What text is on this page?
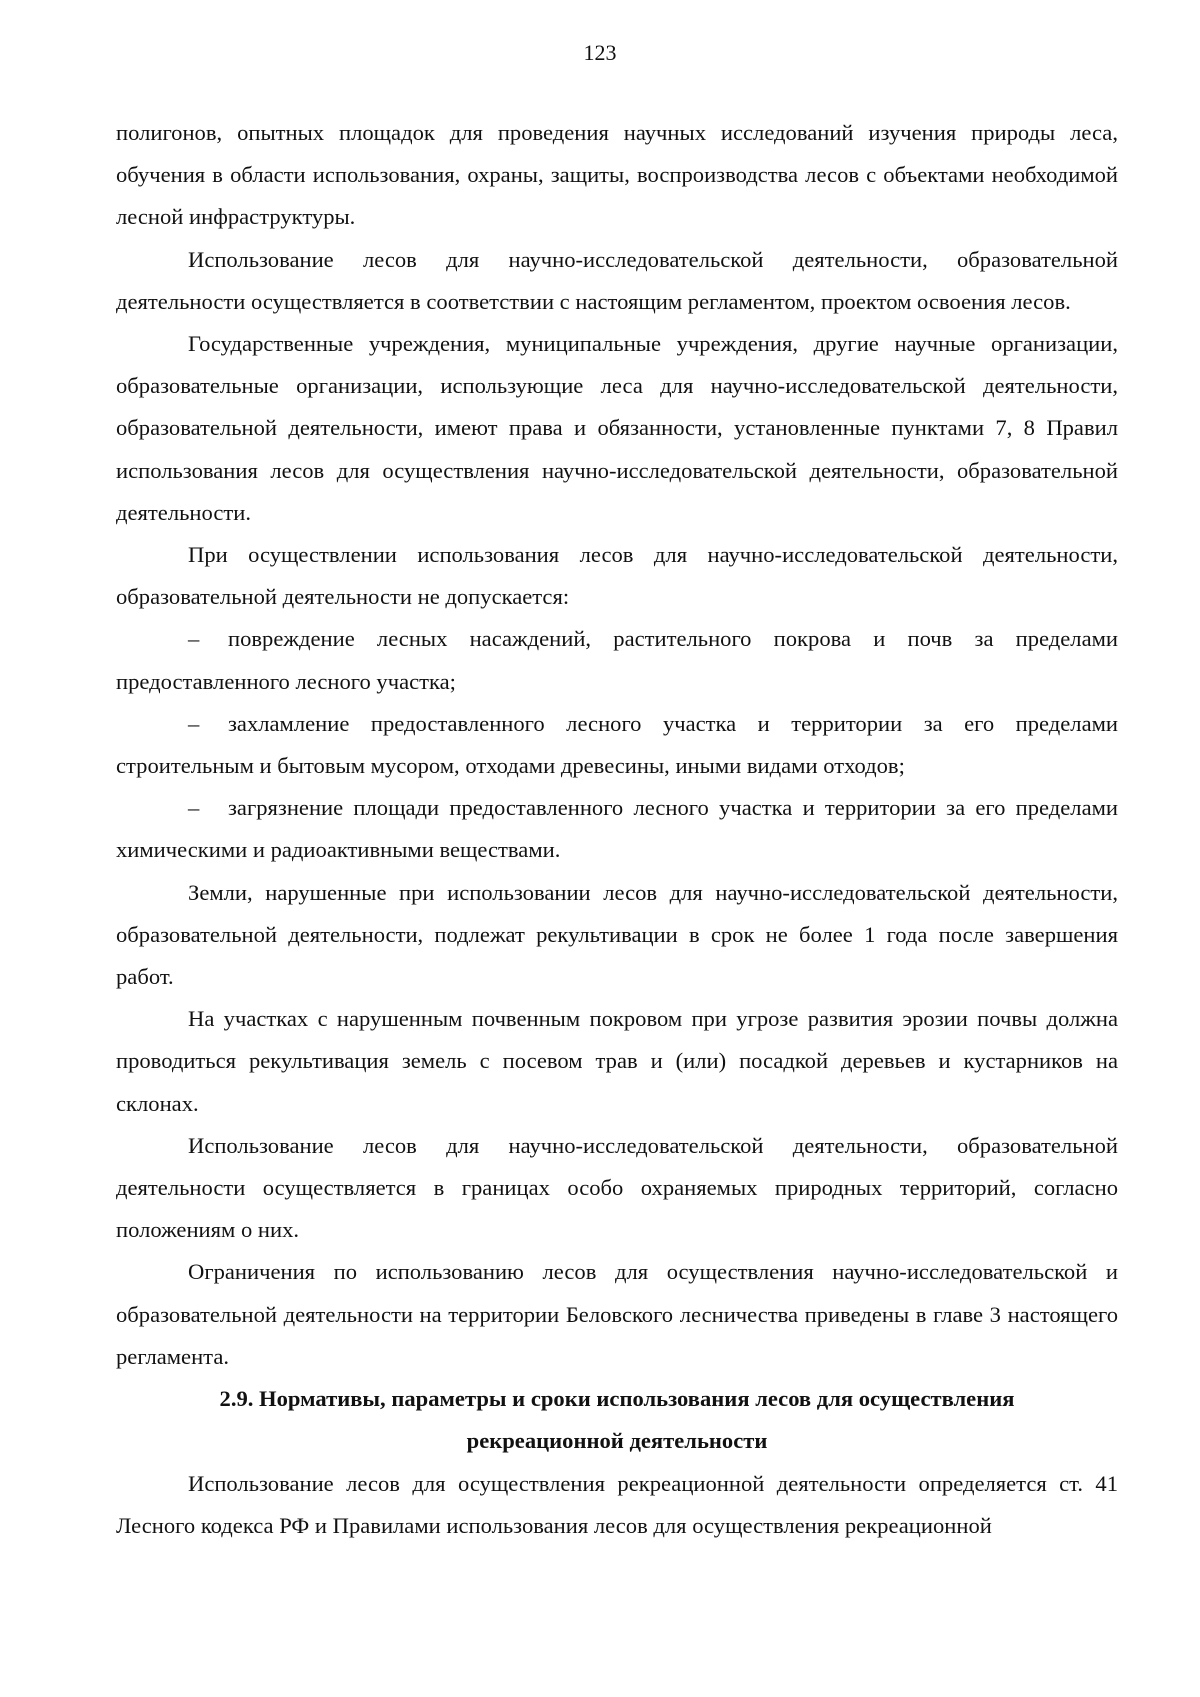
123

полигонов, опытных площадок для проведения научных исследований изучения природы леса, обучения в области использования, охраны, защиты, воспроизводства лесов с объектами необходимой лесной инфраструктуры.

Использование лесов для научно-исследовательской деятельности, образовательной деятельности осуществляется в соответствии с настоящим регламентом, проектом освоения лесов.

Государственные учреждения, муниципальные учреждения, другие научные организации, образовательные организации, использующие леса для научно-исследовательской деятельности, образовательной деятельности, имеют права и обязанности, установленные пунктами 7, 8 Правил использования лесов для осуществления научно-исследовательской деятельности, образовательной деятельности.

При осуществлении использования лесов для научно-исследовательской деятельности, образовательной деятельности не допускается:

– повреждение лесных насаждений, растительного покрова и почв за пределами предоставленного лесного участка;

– захламление предоставленного лесного участка и территории за его пределами строительным и бытовым мусором, отходами древесины, иными видами отходов;

– загрязнение площади предоставленного лесного участка и территории за его пределами химическими и радиоактивными веществами.

Земли, нарушенные при использовании лесов для научно-исследовательской деятельности, образовательной деятельности, подлежат рекультивации в срок не более 1 года после завершения работ.

На участках с нарушенным почвенным покровом при угрозе развития эрозии почвы должна проводиться рекультивация земель с посевом трав и (или) посадкой деревьев и кустарников на склонах.

Использование лесов для научно-исследовательской деятельности, образовательной деятельности осуществляется в границах особо охраняемых природных территорий, согласно положениям о них.

Ограничения по использованию лесов для осуществления научно-исследовательской и образовательной деятельности на территории Беловского лесничества приведены в главе 3 настоящего регламента.

2.9. Нормативы, параметры и сроки использования лесов для осуществления рекреационной деятельности

Использование лесов для осуществления рекреационной деятельности определяется ст. 41 Лесного кодекса РФ и Правилами использования лесов для осуществления рекреационной
